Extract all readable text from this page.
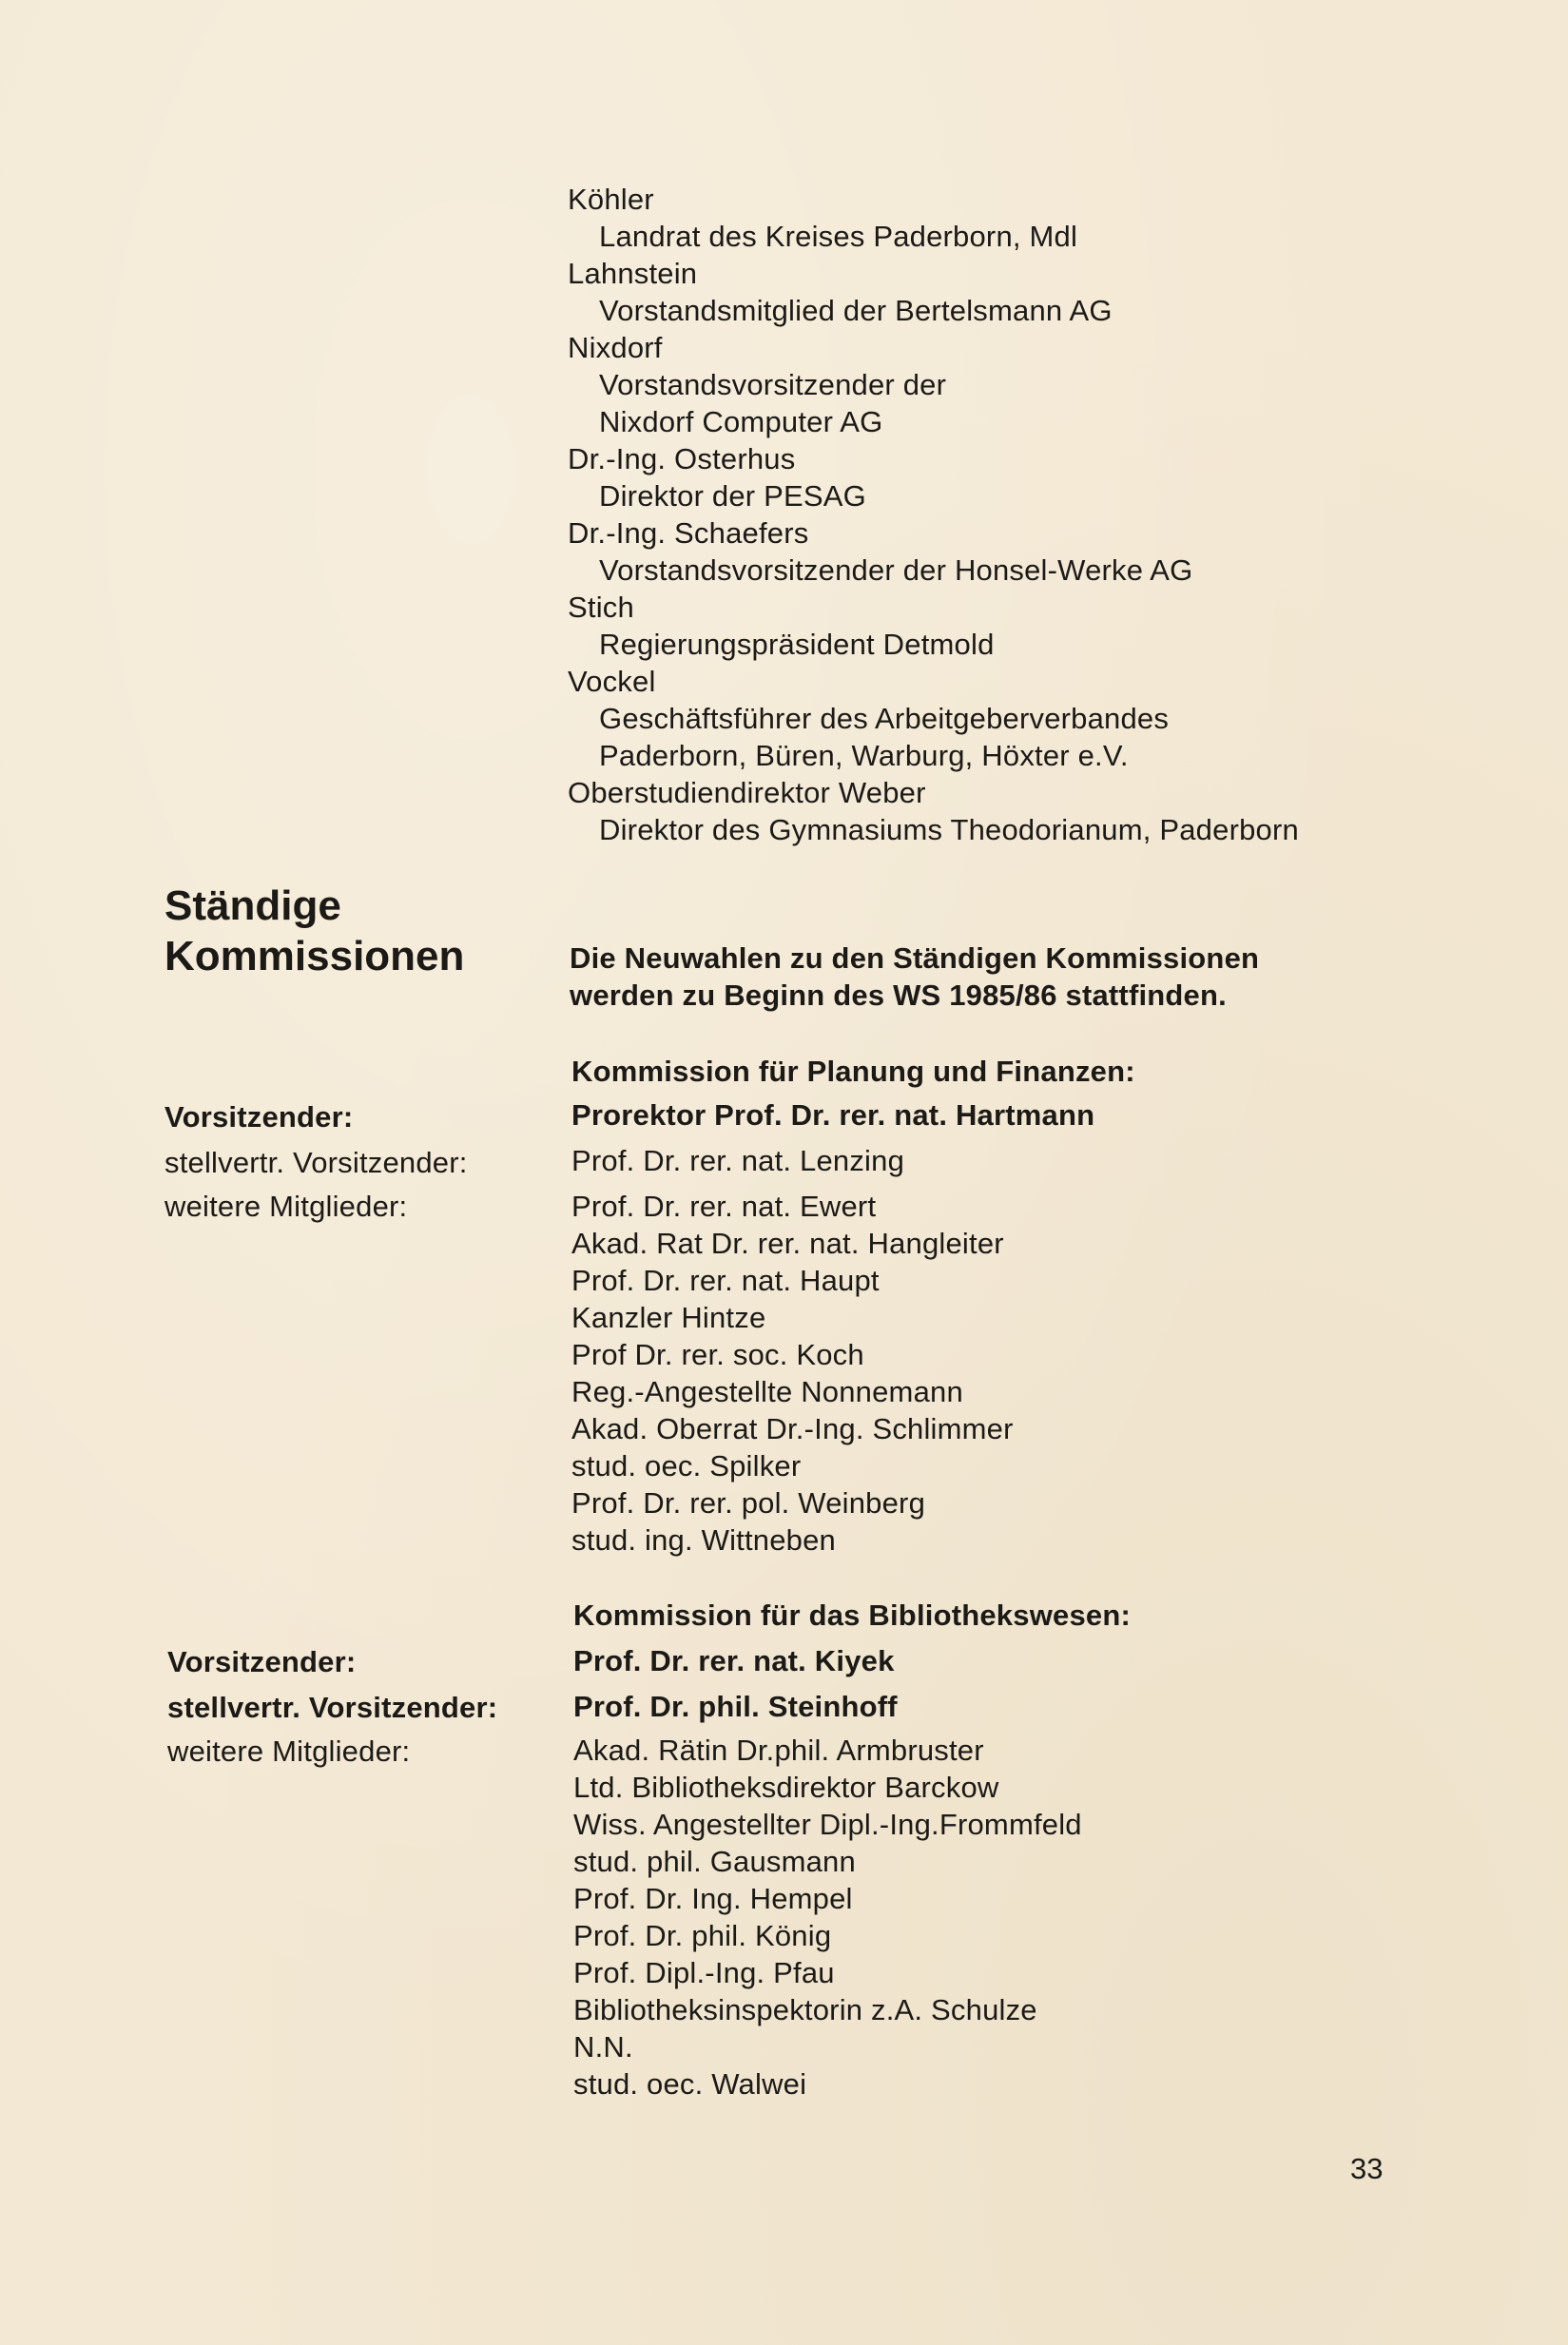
Köhler
Landrat des Kreises Paderborn, Mdl
Lahnstein
Vorstandsmitglied der Bertelsmann AG
Nixdorf
Vorstandsvorsitzender der
Nixdorf Computer AG
Dr.-Ing. Osterhus
Direktor der PESAG
Dr.-Ing. Schaefers
Vorstandsvorsitzender der Honsel-Werke AG
Stich
Regierungspräsident Detmold
Vockel
Geschäftsführer des Arbeitgeberverbandes
Paderborn, Büren, Warburg, Höxter e.V.
Oberstudiendirektor Weber
Direktor des Gymnasiums Theodorianum, Paderborn
Ständige
Kommissionen	Die Neuwahlen zu den Ständigen Kommissionen
werden zu Beginn des WS 1985/86 stattfinden.
Kommission für Planung und Finanzen:
Vorsitzender:	Prorektor Prof. Dr. rer. nat. Hartmann
stellvertr. Vorsitzender:	Prof. Dr. rer. nat. Lenzing
weitere Mitglieder:	Prof. Dr. rer. nat. Ewert
Akad. Rat Dr. rer. nat. Hangleiter
Prof. Dr. rer. nat. Haupt
Kanzler Hintze
Prof Dr. rer. soc. Koch
Reg.-Angestellte Nonnemann
Akad. Oberrat Dr.-Ing. Schlimmer
stud. oec. Spilker
Prof. Dr. rer. pol. Weinberg
stud. ing. Wittneben
Kommission für das Bibliothekswesen:
Vorsitzender:	Prof. Dr. rer. nat. Kiyek
stellvertr. Vorsitzender:	Prof. Dr. phil. Steinhoff
weitere Mitglieder:	Akad. Rätin Dr.phil. Armbruster
Ltd. Bibliotheksdirektor Barckow
Wiss. Angestellter Dipl.-Ing.Frommfeld
stud. phil. Gausmann
Prof. Dr. Ing. Hempel
Prof. Dr. phil. König
Prof. Dipl.-Ing. Pfau
Bibliotheksinspektorin z.A. Schulze
N.N.
stud. oec. Walwei
33
